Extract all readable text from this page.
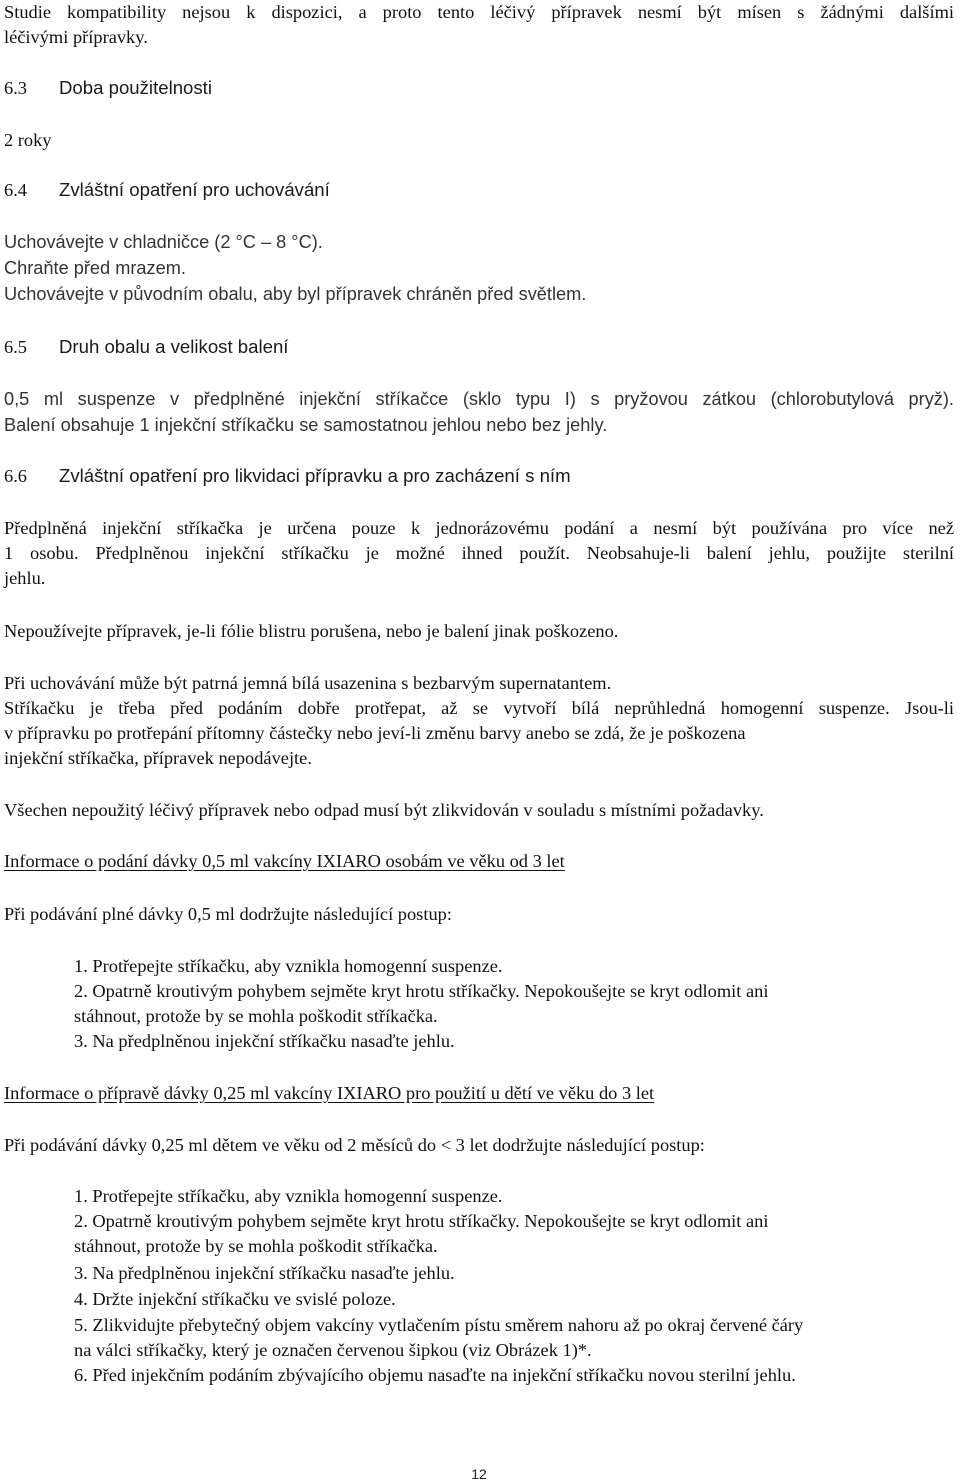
Studie kompatibility nejsou k dispozici, a proto tento léčivý přípravek nesmí být mísen s žádnými dalšími
léčivými přípravky.
6.3 Doba použitelnosti
2 roky
6.4 Zvláštní opatření pro uchovávání
Uchovávejte v chladničce (2 °C – 8 °C).
Chraňte před mrazem.
Uchovávejte v původním obalu, aby byl přípravek chráněn před světlem.
6.5 Druh obalu a velikost balení
0,5 ml suspenze v předplněné injekční stříkačce (sklo typu I) s pryžovou zátkou (chlorobutylová pryž).
Balení obsahuje 1 injekční stříkačku se samostatnou jehlou nebo bez jehly.
6.6 Zvláštní opatření pro likvidaci přípravku a pro zacházení s ním
Předplněná injekční stříkačka je určena pouze k jednorázovému podání a nesmí být používána pro více než
1 osobu. Předplněnou injekční stříkačku je možné ihned použít. Neobsahuje-li balení jehlu, použijte sterilní
jehlu.
Nepoužívejte přípravek, je-li fólie blistru porušena, nebo je balení jinak poškozeno.
Při uchovávání může být patrná jemná bílá usazenina s bezbarvým supernatantem.
Stříkačku je třeba před podáním dobře protřepat, až se vytvoří bílá neprůhledná homogenní suspenze. Jsou-li
v přípravku po protřepání přítomny částečky nebo jeví-li změnu barvy anebo se zdá, že je poškozena
injekční stříkačka, přípravek nepodávejte.
Všechen nepoužitý léčivý přípravek nebo odpad musí být zlikvidován v souladu s místními požadavky.
Informace o podání dávky 0,5 ml vakcíny IXIARO osobám ve věku od 3 let
Při podávání plné dávky 0,5 ml dodržujte následující postup:
1. Protřepejte stříkačku, aby vznikla homogenní suspenze.
2. Opatrně kroutivým pohybem sejměte kryt hrotu stříkačky. Nepokoušejte se kryt odlomit ani
stáhnout, protože by se mohla poškodit stříkačka.
3. Na předplněnou injekční stříkačku nasaďte jehlu.
Informace o přípravě dávky 0,25 ml vakcíny IXIARO pro použití u dětí ve věku do 3 let
Při podávání dávky 0,25 ml dětem ve věku od 2 měsíců do < 3 let dodržujte následující postup:
1. Protřepejte stříkačku, aby vznikla homogenní suspenze.
2. Opatrně kroutivým pohybem sejměte kryt hrotu stříkačky. Nepokoušejte se kryt odlomit ani
stáhnout, protože by se mohla poškodit stříkačka.
3. Na předplněnou injekční stříkačku nasaďte jehlu.
4. Držte injekční stříkačku ve svislé poloze.
5. Zlikvidujte přebytečný objem vakcíny vytlačením pístu směrem nahoru až po okraj červené čáry
na válci stříkačky, který je označen červenou šipkou (viz Obrázek 1)*.
6. Před injekčním podáním zbývajícího objemu nasaďte na injekční stříkačku novou sterilní jehlu.
12
